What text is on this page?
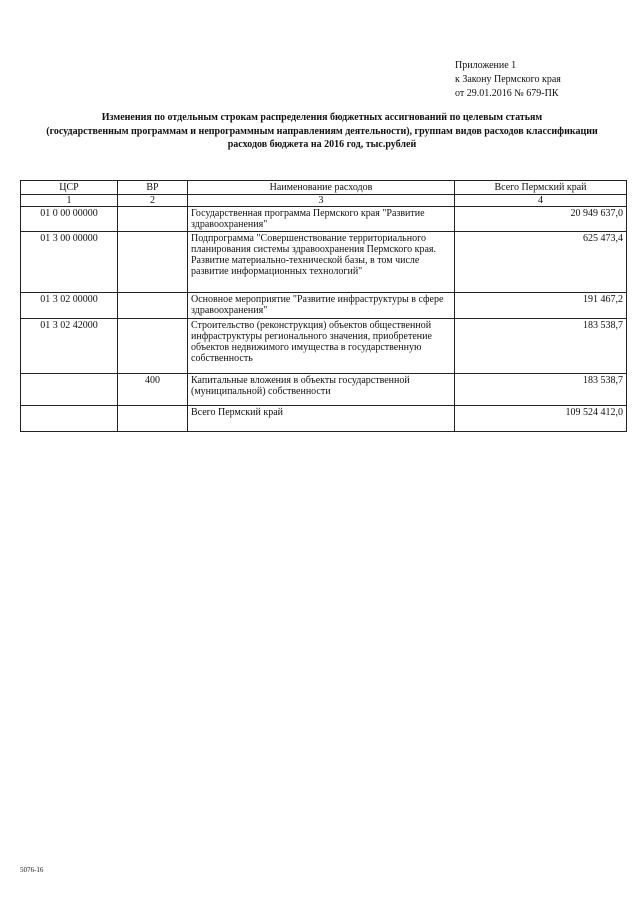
Приложение 1
к Закону Пермского края
от 29.01.2016 № 679-ПК
Изменения по отдельным строкам распределения бюджетных ассигнований по целевым статьям
(государственным программам и непрограммным направлениям деятельности), группам видов расходов классификации
расходов бюджета на 2016 год, тыс.рублей
ЦСР	ВР	Наименование расходов	Всего Пермский край
1	2	3	4
01 0 00 00000		Государственная программа Пермского края "Развитие здравоохранения"	20 949 637,0
01 3 00 00000		Подпрограмма "Совершенствование территориального планирования системы здравоохранения Пермского края. Развитие материально-технической базы, в том числе развитие информационных технологий"	625 473,4
01 3 02 00000		Основное мероприятие "Развитие инфраструктуры в сфере здравоохранения"	191 467,2
01 3 02 42000		Строительство (реконструкция) объектов общественной инфраструктуры регионального значения, приобретение объектов недвижимого имущества в государственную собственность	183 538,7
	400	Капитальные вложения в объекты государственной (муниципальной) собственности	183 538,7
		Всего Пермский край	109 524 412,0
5076-16
